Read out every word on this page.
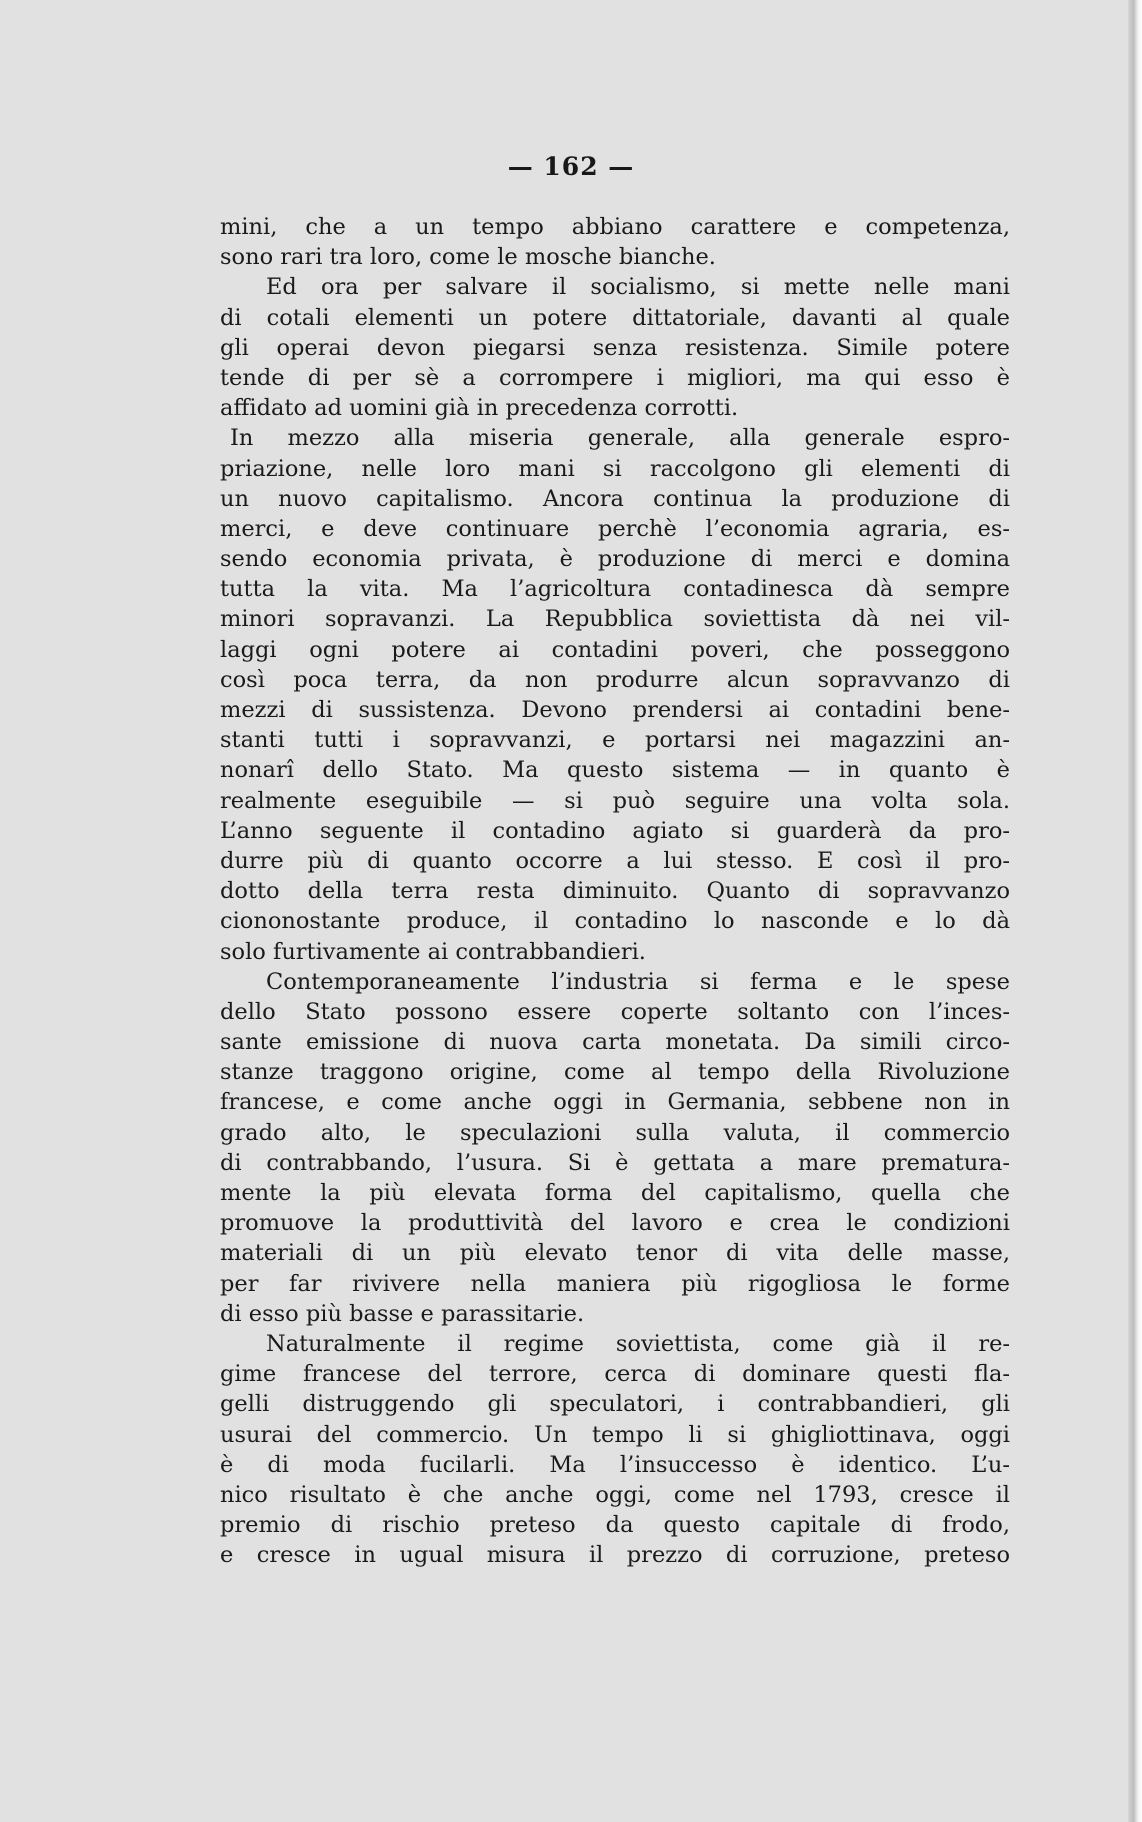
— 162 —
mini, che a un tempo abbiano carattere e competenza,
sono rari tra loro, come le mosche bianche.
Ed ora per salvare il socialismo, si mette nelle mani
di cotali elementi un potere dittatoriale, davanti al quale
gli operai devon piegarsi senza resistenza. Simile potere
tende di per sè a corrompere i migliori, ma qui esso è
affidato ad uomini già in precedenza corrotti.
In mezzo alla miseria generale, alla generale espro-
priazione, nelle loro mani si raccolgono gli elementi di
un nuovo capitalismo. Ancora continua la produzione di
merci, e deve continuare perchè l’economia agraria, es-
sendo economia privata, è produzione di merci e domina
tutta la vita. Ma l’agricoltura contadinesca dà sempre
minori sopravanzi. La Repubblica soviettista dà nei vil-
laggi ogni potere ai contadini poveri, che posseggono
così poca terra, da non produrre alcun sopravvanzo di
mezzi di sussistenza. Devono prendersi ai contadini bene-
stanti tutti i sopravvanzi, e portarsi nei magazzini an-
nonarî dello Stato. Ma questo sistema — in quanto è
realmente eseguibile — si può seguire una volta sola.
L’anno seguente il contadino agiato si guarderà da pro-
durre più di quanto occorre a lui stesso. E così il pro-
dotto della terra resta diminuito. Quanto di sopravvanzo
ciononostante produce, il contadino lo nasconde e lo dà
solo furtivamente ai contrabbandieri.
Contemporaneamente l’industria si ferma e le spese
dello Stato possono essere coperte soltanto con l’inces-
sante emissione di nuova carta monetata. Da simili circo-
stanze traggono origine, come al tempo della Rivoluzione
francese, e come anche oggi in Germania, sebbene non in
grado alto, le speculazioni sulla valuta, il commercio
di contrabbando, l’usura. Si è gettata a mare prematura-
mente la più elevata forma del capitalismo, quella che
promuove la produttività del lavoro e crea le condizioni
materiali di un più elevato tenor di vita delle masse,
per far rivivere nella maniera più rigogliosa le forme
di esso più basse e parassitarie.
Naturalmente il regime soviettista, come già il re-
gime francese del terrore, cerca di dominare questi fla-
gelli distruggendo gli speculatori, i contrabbandieri, gli
usurai del commercio. Un tempo li si ghigliottinava, oggi
è di moda fucilarli. Ma l’insuccesso è identico. L’u-
nico risultato è che anche oggi, come nel 1793, cresce il
premio di rischio preteso da questo capitale di frodo,
e cresce in ugual misura il prezzo di corruzione, preteso
